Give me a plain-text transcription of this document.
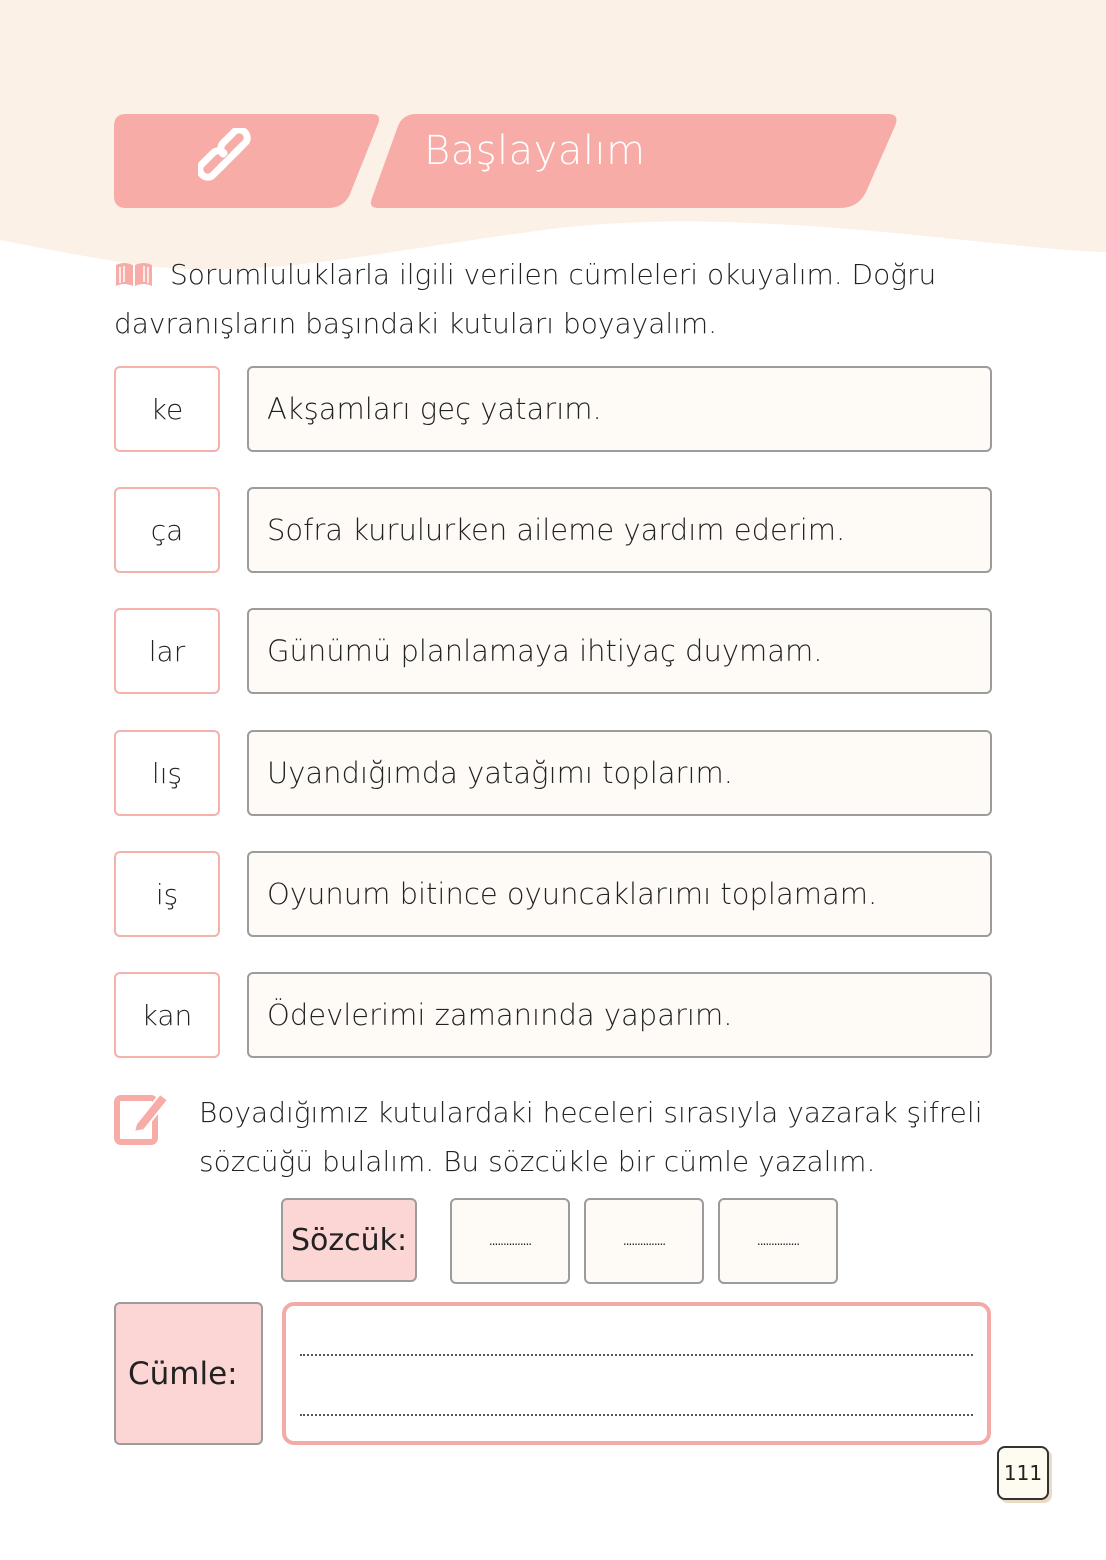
Başlayalım
Sorumluluklarla ilgili verilen cümleleri okuyalım. Doğru davranışların başındaki kutuları boyayalım.
ke	Akşamları geç yatarım.
ça	Sofra kurulurken aileme yardım ederim.
lar	Günümü planlamaya ihtiyaç duymam.
lış	Uyandığımda yatağımı toplarım.
iş	Oyunum bitince oyuncaklarımı toplamam.
kan	Ödevlerimi zamanında yaparım.
Boyadığımız kutulardaki heceleri sırasıyla yazarak şifreli sözcüğü bulalım. Bu sözcükle bir cümle yazalım.
Sözcük:	...............	...............	...............
Cümle:
111
